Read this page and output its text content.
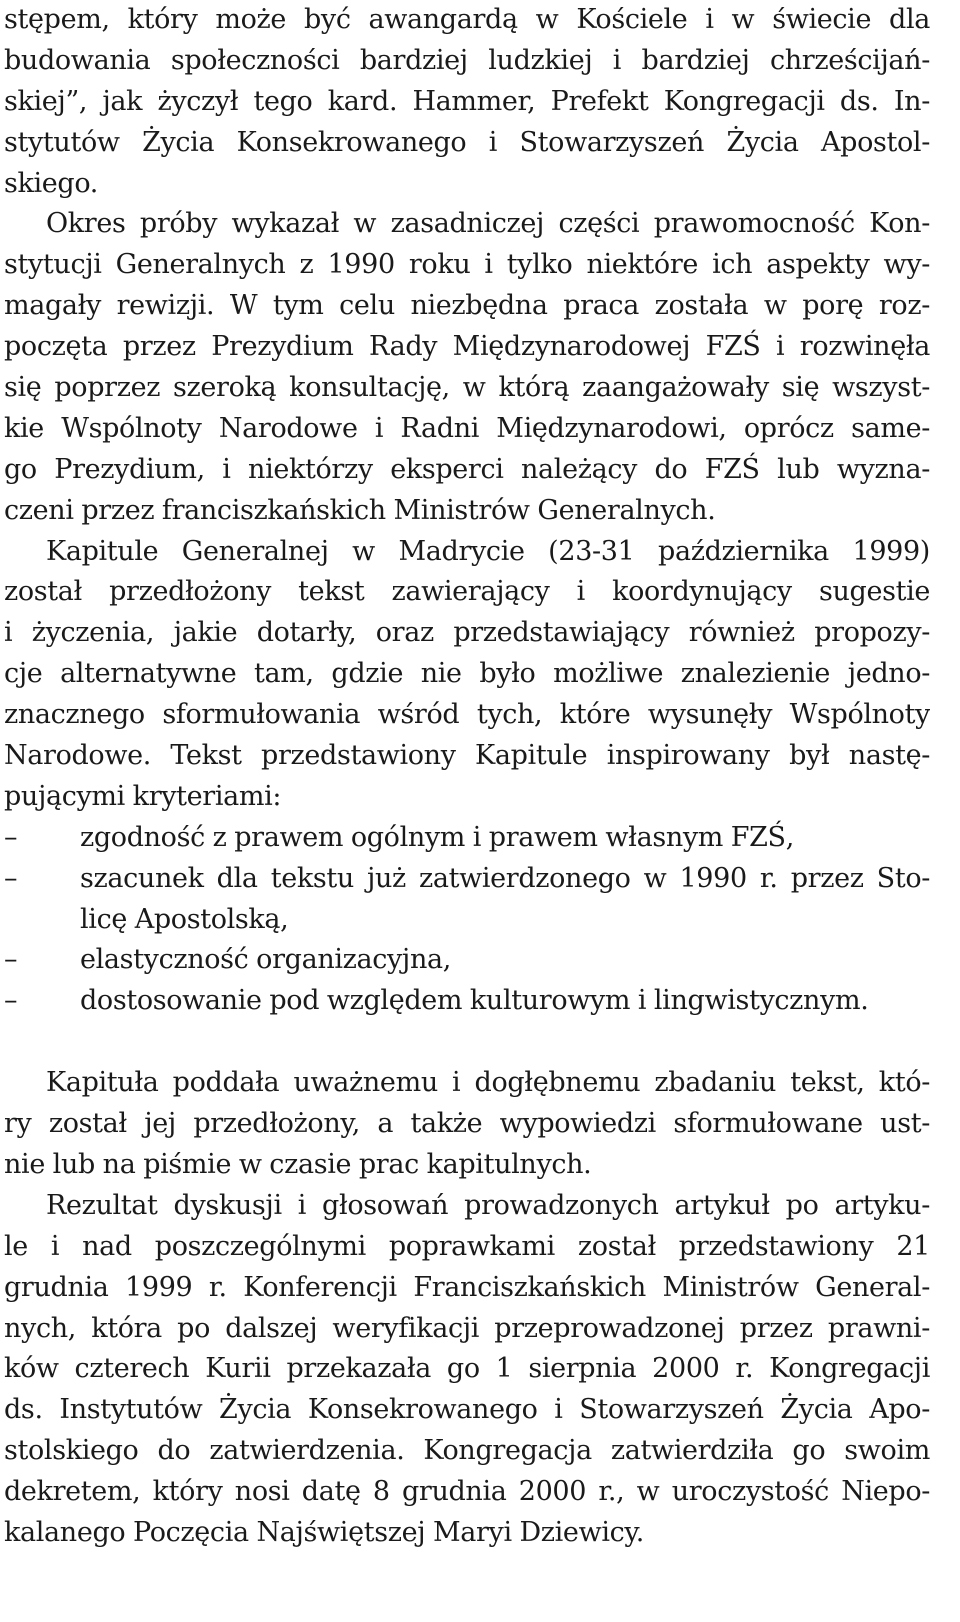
stępem, który może być awangardą w Kościele i w świecie dla
budowania społeczności bardziej ludzkiej i bardziej chrześcijań-
skiej”, jak życzył tego kard. Hammer, Prefekt Kongregacji ds. In-
stytutów Życia Konsekrowanego i Stowarzyszeń Życia Apostol-
skiego.
Okres próby wykazał w zasadniczej części prawomocność Kon-
stytucji Generalnych z 1990 roku i tylko niektóre ich aspekty wy-
magały rewizji. W tym celu niezbędna praca została w porę roz-
poczęta przez Prezydium Rady Międzynarodowej FZŚ i rozwinęła
się poprzez szeroką konsultację, w którą zaangażowały się wszyst-
kie Wspólnoty Narodowe i Radni Międzynarodowi, oprócz same-
go Prezydium, i niektórzy eksperci należący do FZŚ lub wyzna-
czeni przez franciszkańskich Ministrów Generalnych.
Kapitule Generalnej w Madrycie (23-31 października 1999)
został przedłożony tekst zawierający i koordynujący sugestie
i życzenia, jakie dotarły, oraz przedstawiający również propozy-
cje alternatywne tam, gdzie nie było możliwe znalezienie jedno-
znacznego sformułowania wśród tych, które wysunęły Wspólnoty
Narodowe. Tekst przedstawiony Kapitule inspirowany był nastę-
pującymi kryteriami:
–	zgodność z prawem ogólnym i prawem własnym FZŚ,
–	szacunek dla tekstu już zatwierdzonego w 1990 r. przez Sto-
licę Apostolską,
–	elastyczność organizacyjna,
–	dostosowanie pod względem kulturowym i lingwistycznym.
Kapituła poddała uważnemu i dogłębnemu zbadaniu tekst, któ-
ry został jej przedłożony, a także wypowiedzi sformułowane ust-
nie lub na piśmie w czasie prac kapitulnych.
Rezultat dyskusji i głosowań prowadzonych artykuł po artyku-
le i nad poszczególnymi poprawkami został przedstawiony 21
grudnia 1999 r. Konferencji Franciszkańskich Ministrów General-
nych, która po dalszej weryfikacji przeprowadzonej przez prawni-
ków czterech Kurii przekazała go 1 sierpnia 2000 r. Kongregacji
ds. Instytutów Życia Konsekrowanego i Stowarzyszeń Życia Apo-
stolskiego do zatwierdzenia. Kongregacja zatwierdziła go swoim
dekretem, który nosi datę 8 grudnia 2000 r., w uroczystość Niepo-
kalanego Poczęcia Najświętszej Maryi Dziewicy.
